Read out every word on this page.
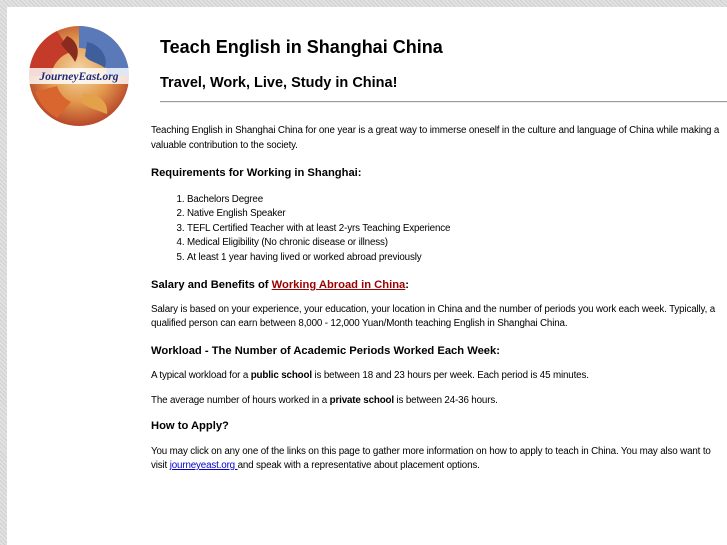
JourneyEast.org
Teach English in Shanghai China
Travel, Work, Live, Study in China!

Teaching English in Shanghai China for one year is a great way to immerse oneself in the culture and language of China while making a valuable contribution to the society.

Requirements for Working in Shanghai:
1. Bachelors Degree
2. Native English Speaker
3. TEFL Certified Teacher with at least 2-yrs Teaching Experience
4. Medical Eligibility (No chronic disease or illness)
5. At least 1 year having lived or worked abroad previously
Salary and Benefits of Working Abroad in China:

Salary is based on your experience, your education, your location in China and the number of periods you work each week. Typically, a qualified person can earn between 8,000 - 12,000 Yuan/Month teaching English in Shanghai China.

Workload - The Number of Academic Periods Worked Each Week:

A typical workload for a public school is between 18 and 23 hours per week. Each period is 45 minutes.

The average number of hours worked in a private school is between 24-36 hours.

How to Apply?

You may click on any one of the links on this page to gather more information on how to apply to teach in China. You may also want to visit journeyeast.org and speak with a representative about placement options.
